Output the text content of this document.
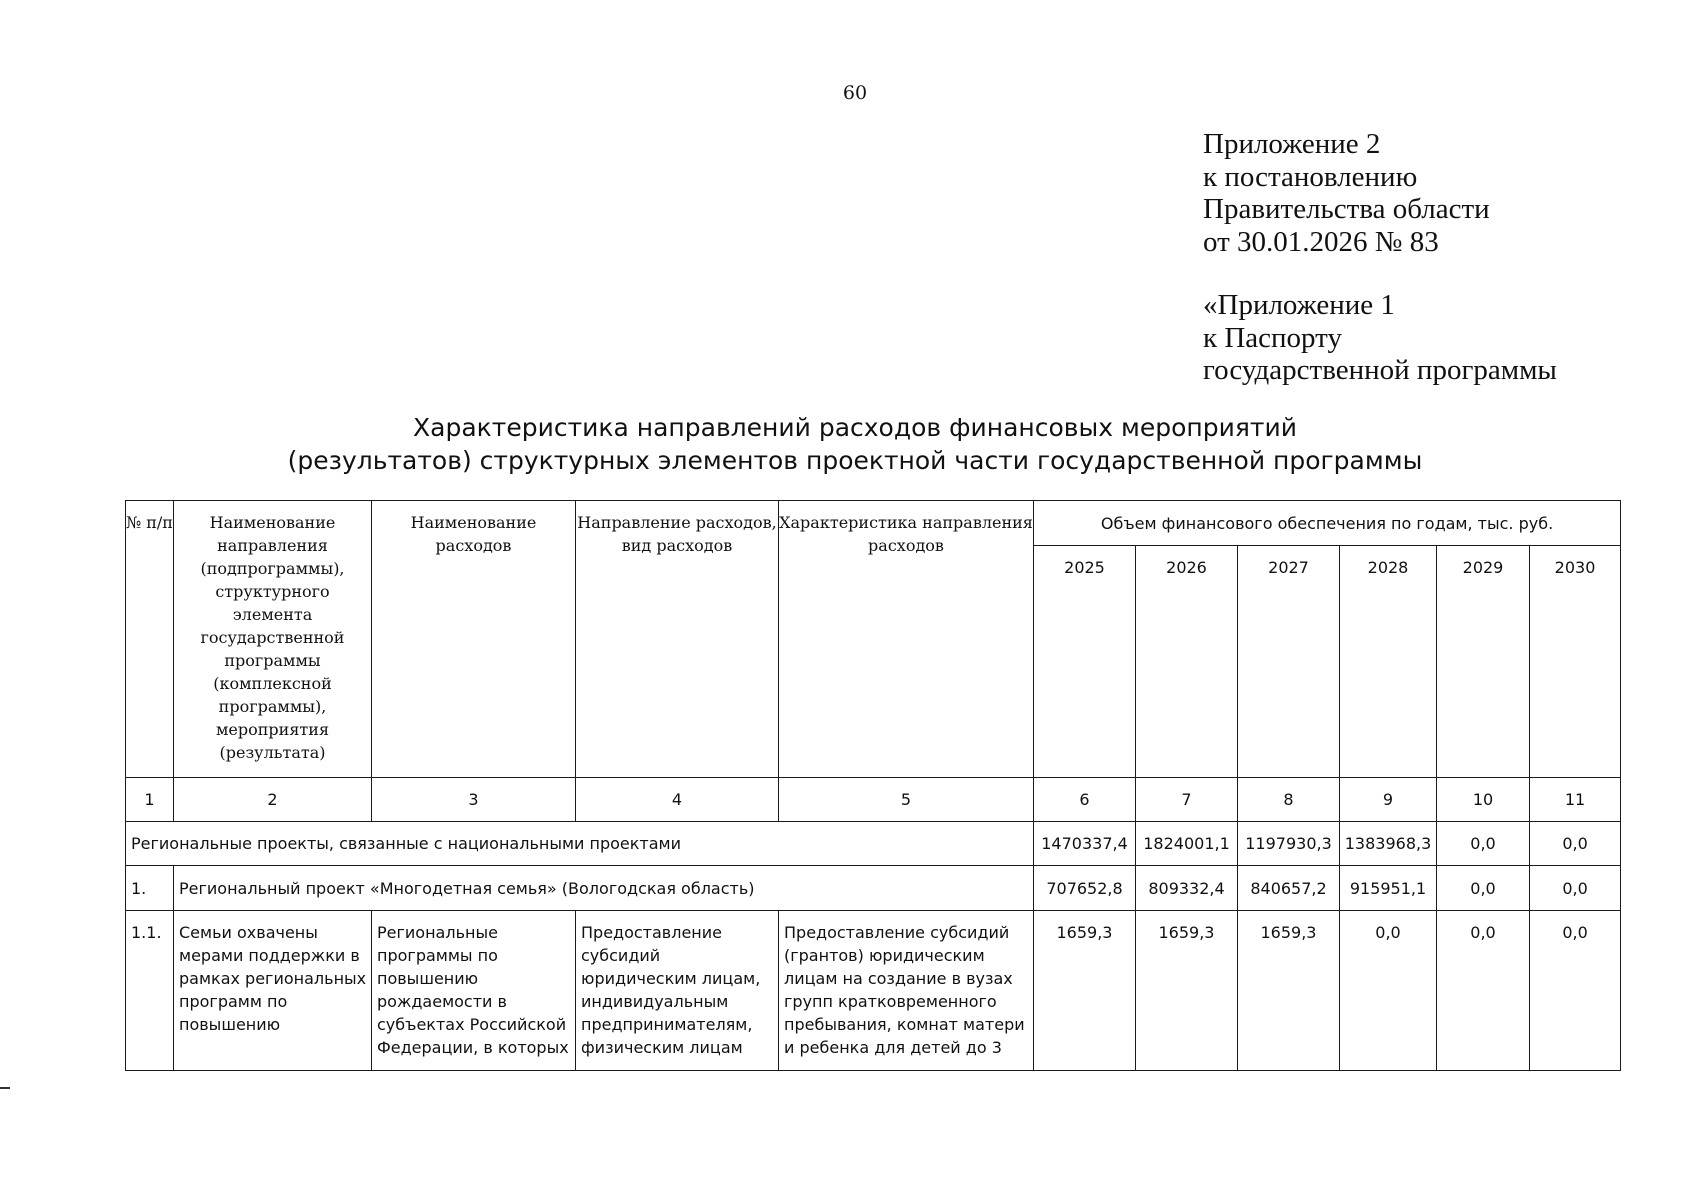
60
Приложение 2
к постановлению
Правительства области
от 30.01.2026 № 83
«Приложение 1
к Паспорту
государственной программы
Характеристика направлений расходов финансовых мероприятий
(результатов) структурных элементов проектной части государственной программы
№ п/п	Наименование направления (подпрограммы), структурного элемента государственной программы (комплексной программы), мероприятия (результата)	Наименование расходов	Направление расходов, вид расходов	Характеристика направления расходов	Объем финансового обеспечения по годам, тыс. руб.					
					2025	2026	2027	2028	2029	2030
1	2	3	4	5	6	7	8	9	10	11
Региональные проекты, связанные с национальными проектами					1470337,4	1824001,1	1197930,3	1383968,3	0,0	0,0
1.	Региональный проект «Многодетная семья» (Вологодская область)				707652,8	809332,4	840657,2	915951,1	0,0	0,0
1.1.	Семьи охвачены мерами поддержки в рамках региональных программ по повышению	Региональные программы по повышению рождаемости в субъектах Российской Федерации, в которых	Предоставление субсидий юридическим лицам, индивидуальным предпринимателям, физическим лицам	Предоставление субсидий (грантов) юридическим лицам на создание в вузах групп кратковременного пребывания, комнат матери и ребенка для детей до 3	1659,3	1659,3	1659,3	0,0	0,0	0,0
